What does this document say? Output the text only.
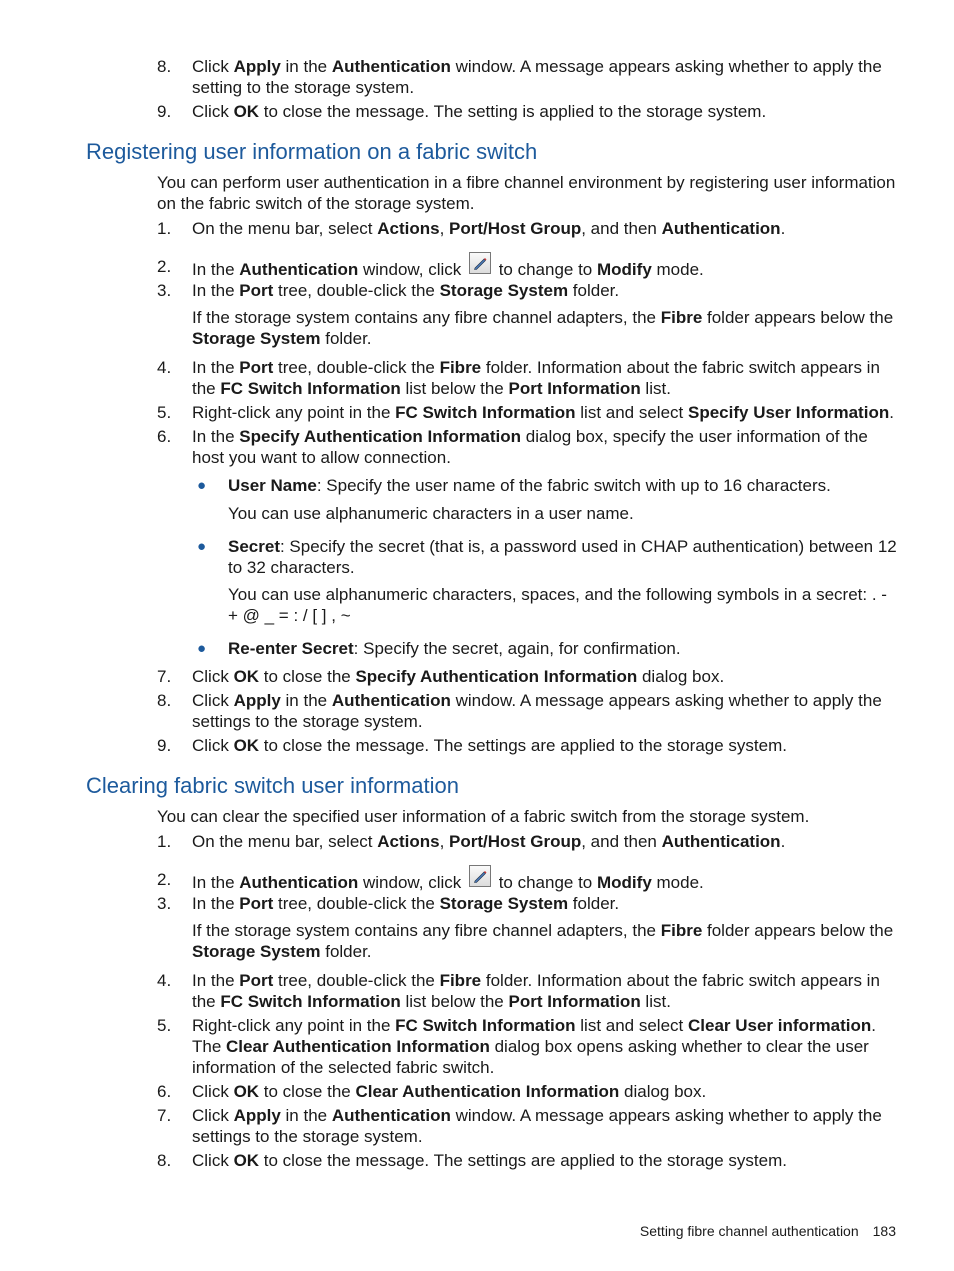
8.	Click Apply in the Authentication window. A message appears asking whether to apply the setting to the storage system.
9.	Click OK to close the message. The setting is applied to the storage system.
Registering user information on a fabric switch
You can perform user authentication in a fibre channel environment by registering user information on the fabric switch of the storage system.
1.	On the menu bar, select Actions, Port/Host Group, and then Authentication.
2.	In the Authentication window, click
to change to Modify mode.
3.	In the Port tree, double-click the Storage System folder.
If the storage system contains any fibre channel adapters, the Fibre folder appears below the Storage System folder.
4.	In the Port tree, double-click the Fibre folder. Information about the fabric switch appears in the FC Switch Information list below the Port Information list.
5.	Right-click any point in the FC Switch Information list and select Specify User Information.
6.	In the Specify Authentication Information dialog box, specify the user information of the host you want to allow connection.
● User Name: Specify the user name of the fabric switch with up to 16 characters.
You can use alphanumeric characters in a user name.
● Secret: Specify the secret (that is, a password used in CHAP authentication) between 12 to 32 characters.
You can use alphanumeric characters, spaces, and the following symbols in a secret: . - + @ _ = : / [ ] , ~
● Re-enter Secret: Specify the secret, again, for confirmation.
7.	Click OK to close the Specify Authentication Information dialog box.
8.	Click Apply in the Authentication window. A message appears asking whether to apply the settings to the storage system.
9.	Click OK to close the message. The settings are applied to the storage system.
Clearing fabric switch user information
You can clear the specified user information of a fabric switch from the storage system.
1.	On the menu bar, select Actions, Port/Host Group, and then Authentication.
2.	In the Authentication window, click
to change to Modify mode.
3.	In the Port tree, double-click the Storage System folder.
If the storage system contains any fibre channel adapters, the Fibre folder appears below the Storage System folder.
4.	In the Port tree, double-click the Fibre folder. Information about the fabric switch appears in the FC Switch Information list below the Port Information list.
5.	Right-click any point in the FC Switch Information list and select Clear User information. The Clear Authentication Information dialog box opens asking whether to clear the user information of the selected fabric switch.
6.	Click OK to close the Clear Authentication Information dialog box.
7.	Click Apply in the Authentication window. A message appears asking whether to apply the settings to the storage system.
8.	Click OK to close the message. The settings are applied to the storage system.
Setting fibre channel authentication 183
